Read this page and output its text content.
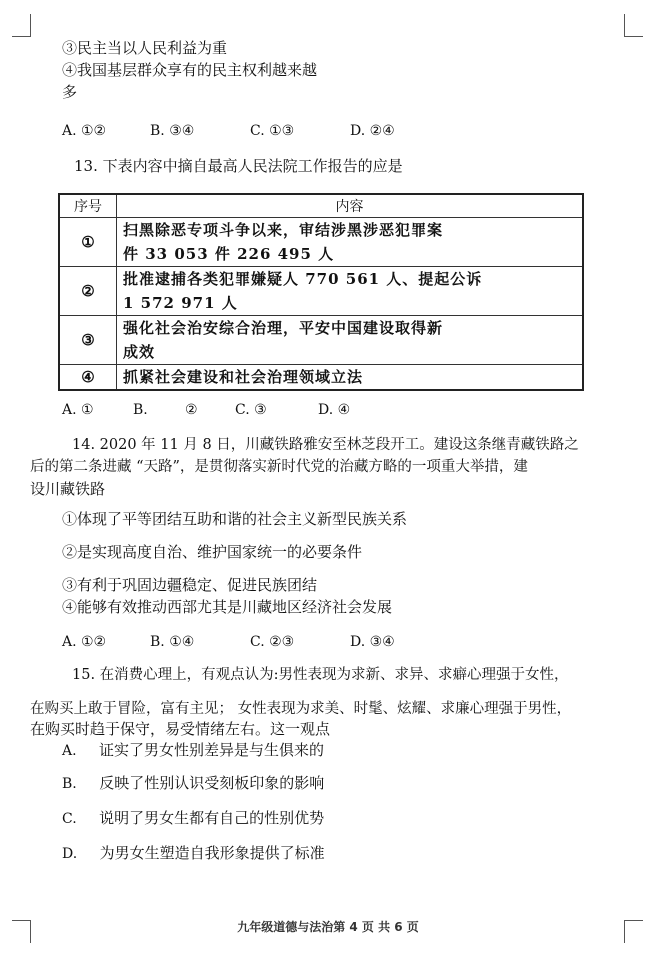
③民主当以人民利益为重
④我国基层群众享有的民主权利越来越
多
A. ①②	B. ③④	C. ①③	D. ②④
13. 下表内容中摘自最高人民法院工作报告的应是
序号	内容
①	扫黑除恶专项斗争以来，审结涉黑涉恶犯罪案
件 33 053 件 226 495 人

②	批准逮捕各类犯罪嫌疑人 770 561 人、提起公诉
1 572 971 人

③	强化社会治安综合治理，平安中国建设取得新
成效

④	抓紧社会建设和社会治理领域立法
A. ①	B.	②	C. ③	D. ④
14. 2020 年 11 月 8 日，川藏铁路雅安至林芝段开工。建设这条继青藏铁路之
后的第二条进藏 “天路”，是贯彻落实新时代党的治藏方略的一项重大举措，建
设川藏铁路
①体现了平等团结互助和谐的社会主义新型民族关系
②是实现高度自治、维护国家统一的必要条件
③有利于巩固边疆稳定、促进民族团结
④能够有效推动西部尤其是川藏地区经济社会发展
A. ①②	B. ①④	C. ②③	D. ③④
15. 在消费心理上，有观点认为:男性表现为求新、求异、求癖心理强于女性，
在购买上敢于冒险，富有主见； 女性表现为求美、时髦、炫耀、求廉心理强于男性，
在购买时趋于保守，易受情绪左右。这一观点
A. 证实了男女性别差异是与生俱来的
B. 反映了性别认识受刻板印象的影响
C. 说明了男女生都有自己的性别优势
D. 为男女生塑造自我形象提供了标准
九年级道德与法治第 4 页 共 6 页
